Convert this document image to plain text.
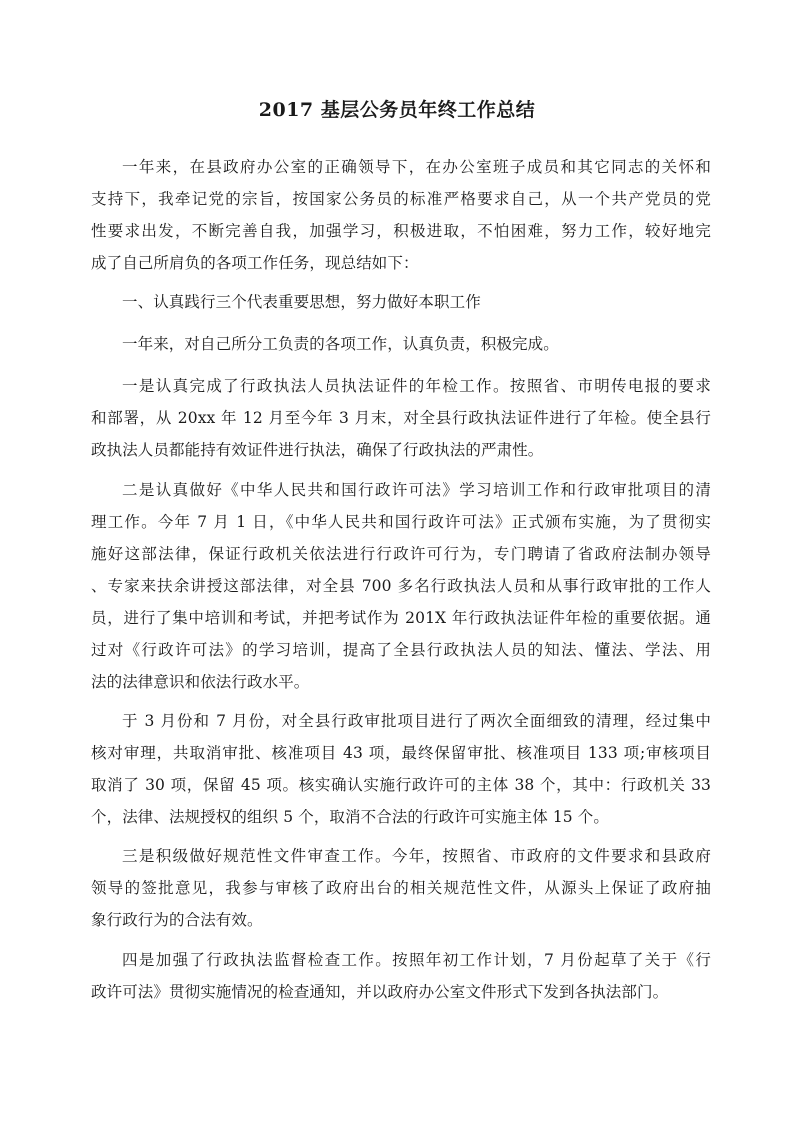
2017 基层公务员年终工作总结
一年来，在县政府办公室的正确领导下，在办公室班子成员和其它同志的关怀和
支持下，我牵记党的宗旨，按国家公务员的标准严格要求自己，从一个共产党员的党
性要求出发，不断完善自我，加强学习，积极进取，不怕困难，努力工作，较好地完
成了自己所肩负的各项工作任务，现总结如下：
一、认真践行三个代表重要思想，努力做好本职工作
一年来，对自己所分工负责的各项工作，认真负责，积极完成。
一是认真完成了行政执法人员执法证件的年检工作。按照省、市明传电报的要求
和部署，从 20xx 年 12 月至今年 3 月末，对全县行政执法证件进行了年检。使全县行
政执法人员都能持有效证件进行执法，确保了行政执法的严肃性。
二是认真做好《中华人民共和国行政许可法》学习培训工作和行政审批项目的清
理工作。今年 7 月 1 日，《中华人民共和国行政许可法》正式颁布实施，为了贯彻实
施好这部法律，保证行政机关依法进行行政许可行为，专门聘请了省政府法制办领导
、专家来扶余讲授这部法律，对全县 700 多名行政执法人员和从事行政审批的工作人
员，进行了集中培训和考试，并把考试作为 201X 年行政执法证件年检的重要依据。通
过对《行政许可法》的学习培训，提高了全县行政执法人员的知法、懂法、学法、用
法的法律意识和依法行政水平。
于 3 月份和 7 月份，对全县行政审批项目进行了两次全面细致的清理，经过集中
核对审理，共取消审批、核准项目 43 项，最终保留审批、核准项目 133 项;审核项目
取消了 30 项，保留 45 项。核实确认实施行政许可的主体 38 个，其中：行政机关 33
个，法律、法规授权的组织 5 个，取消不合法的行政许可实施主体 15 个。
三是积级做好规范性文件审查工作。今年，按照省、市政府的文件要求和县政府
领导的签批意见，我参与审核了政府出台的相关规范性文件，从源头上保证了政府抽
象行政行为的合法有效。
四是加强了行政执法监督检查工作。按照年初工作计划，7 月份起草了关于《行
政许可法》贯彻实施情况的检查通知，并以政府办公室文件形式下发到各执法部门。
